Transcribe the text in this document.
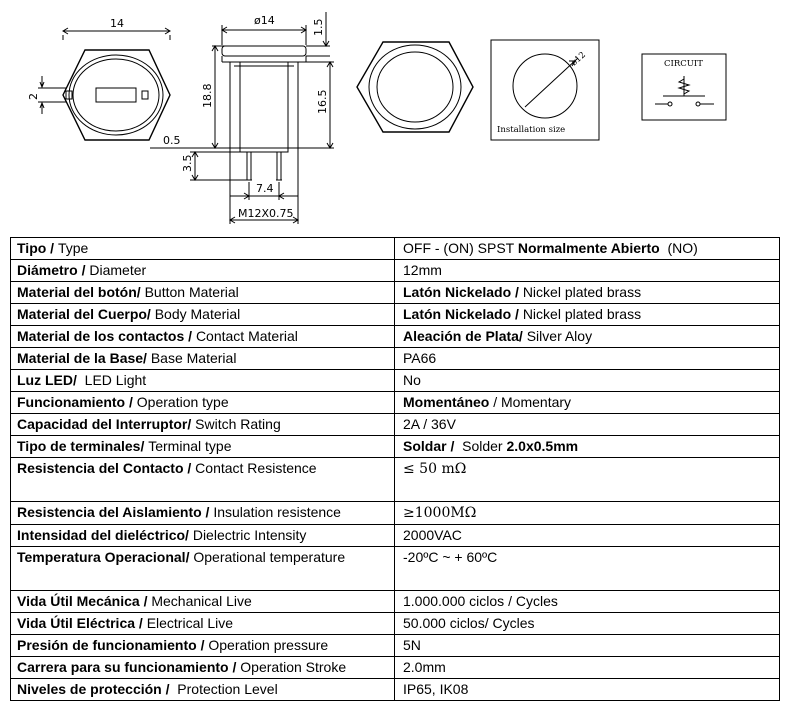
14
2
ø14	1.5
18.8	16.5
0.5
3.5
7.4
M12X0.75
ø12
Installation size
CIRCUIT
Tipo / Type	OFF - (ON) SPST Normalmente Abierto  (NO)
Diámetro / Diameter	12mm
Material del botón/ Button Material	Latón Nickelado / Nickel plated brass
Material del Cuerpo/ Body Material	Latón Nickelado / Nickel plated brass
Material de los contactos / Contact Material	Aleación de Plata/ Silver Aloy
Material de la Base/ Base Material	PA66
Luz LED/  LED Light	No
Funcionamiento / Operation type	Momentáneo / Momentary
Capacidad del Interruptor/ Switch Rating	2A / 36V
Tipo de terminales/ Terminal type	Soldar /  Solder 2.0x0.5mm
Resistencia del Contacto / Contact Resistence	≤ 50 mΩ
Resistencia del Aislamiento / Insulation resistence	≥1000MΩ
Intensidad del dieléctrico/ Dielectric Intensity	2000VAC
Temperatura Operacional/ Operational temperature	-20ºC ~ + 60ºC
Vida Útil Mecánica / Mechanical Live	1.000.000 ciclos / Cycles
Vida Útil Eléctrica / Electrical Live	50.000 ciclos/ Cycles
Presión de funcionamiento / Operation pressure	5N
Carrera para su funcionamiento / Operation Stroke	2.0mm
Niveles de protección /  Protection Level	IP65, IK08
